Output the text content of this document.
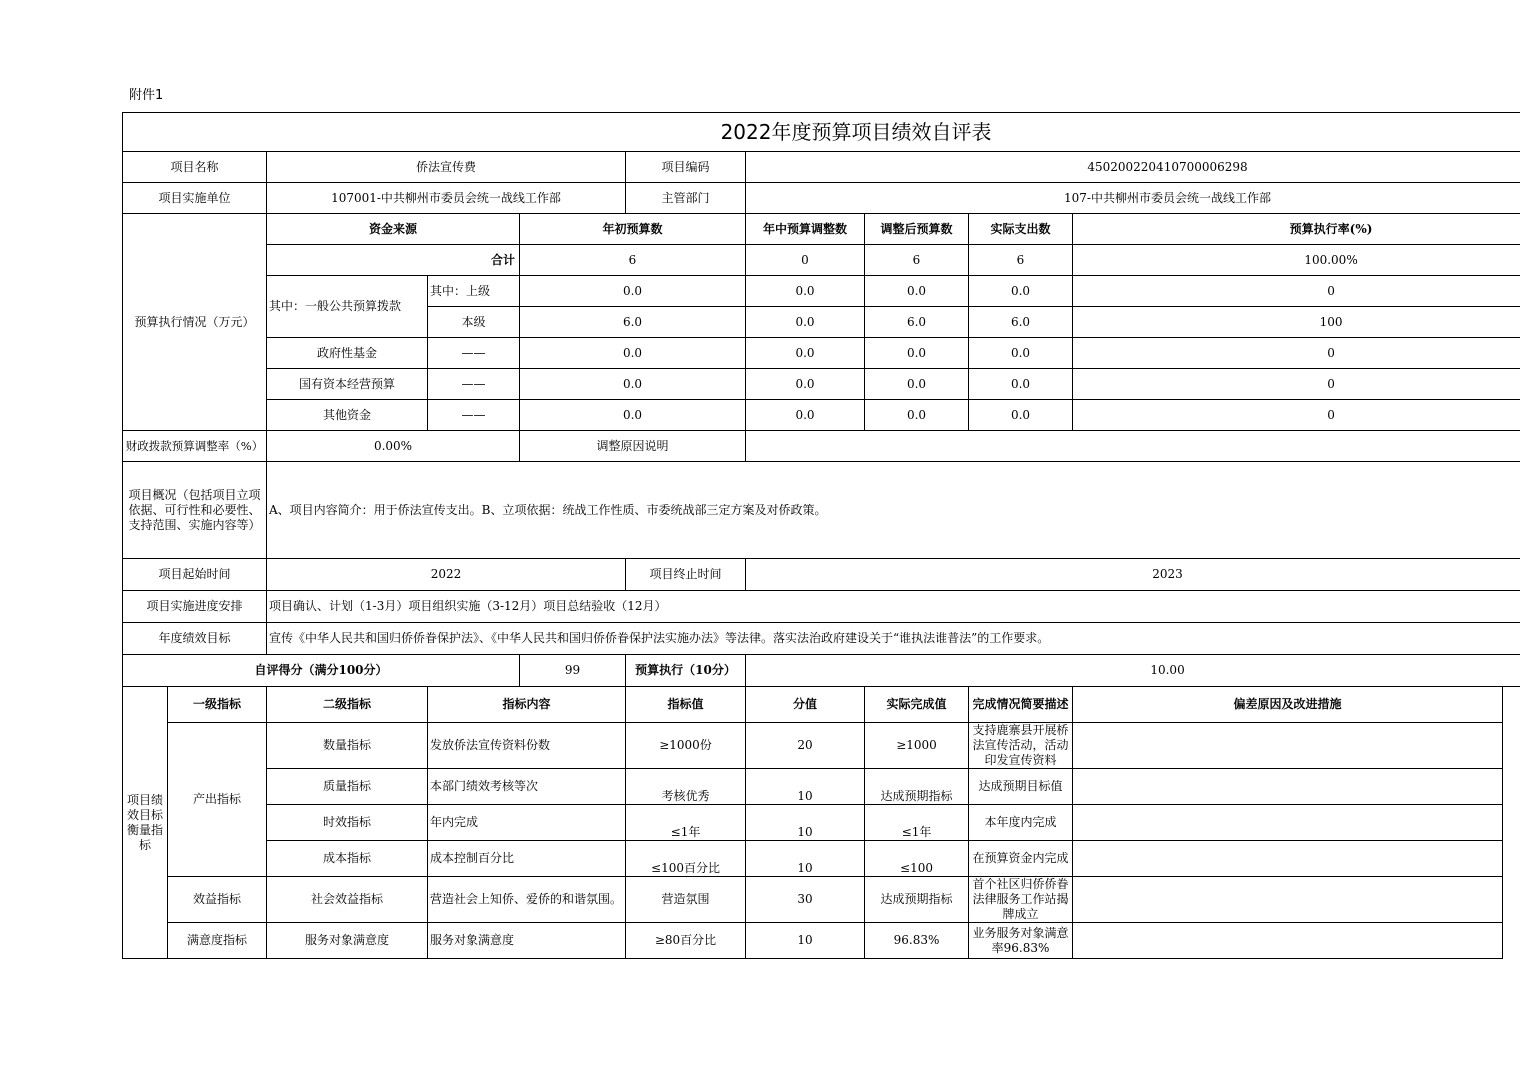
附件1
2022年度预算项目绩效自评表									
项目名称		侨法宣传费			项目编码	450200220410700006298			
项目实施单位		107001-中共柳州市委员会统一战线工作部			主管部门	107-中共柳州市委员会统一战线工作部			
预算执行情况（万元）		资金来源		年初预算数		年中预算调整数	调整后预算数	实际支出数	预算执行率(%)
		合计		6		0	6	6	100.00%
		其中：一般公共预算拨款	其中：上级	0.0		0.0	0.0	0.0	0
			本级	6.0		0.0	6.0	6.0	100
		政府性基金	——	0.0		0.0	0.0	0.0	0
		国有资本经营预算	——	0.0		0.0	0.0	0.0	0
		其他资金	——	0.0		0.0	0.0	0.0	0
财政拨款预算调整率（%）		0.00%		调整原因说明					
项目概况（包括项目立项依据、可行性和必要性、支持范围、实施内容等）		A、项目内容简介：用于侨法宣传支出。B、立项依据：统战工作性质、市委统战部三定方案及对侨政策。							
项目起始时间		2022			项目终止时间	2023			
项目实施进度安排		项目确认、计划（1-3月）项目组织实施（3-12月）项目总结验收（12月）							
年度绩效目标		宣传《中华人民共和国归侨侨眷保护法》、《中华人民共和国归侨侨眷保护法实施办法》等法律。落实法治政府建设关于“谁执法谁普法”的工作要求。							
自评得分（满分100分）				99	预算执行（10分）	10.00			
项目绩效目标衡量指标	一级指标	二级指标	指标内容		指标值	分值	实际完成值	完成情况简要描述	偏差原因及改进措施
	产出指标	数量指标	发放侨法宣传资料份数		≥1000份	20	≥1000	支持鹿寨县开展桥法宣传活动，活动印发宣传资料	
		质量指标	本部门绩效考核等次		考核优秀	10	达成预期指标	达成预期目标值	
		时效指标	年内完成		≤1年	10	≤1年	本年度内完成	
		成本指标	成本控制百分比		≤100百分比	10	≤100	在预算资金内完成	
	效益指标	社会效益指标	营造社会上知侨、爱侨的和谐氛围。		营造氛围	30	达成预期指标	首个社区归侨侨眷法律服务工作站揭牌成立	
	满意度指标	服务对象满意度	服务对象满意度		≥80百分比	10	96.83%	业务服务对象满意率96.83%	
